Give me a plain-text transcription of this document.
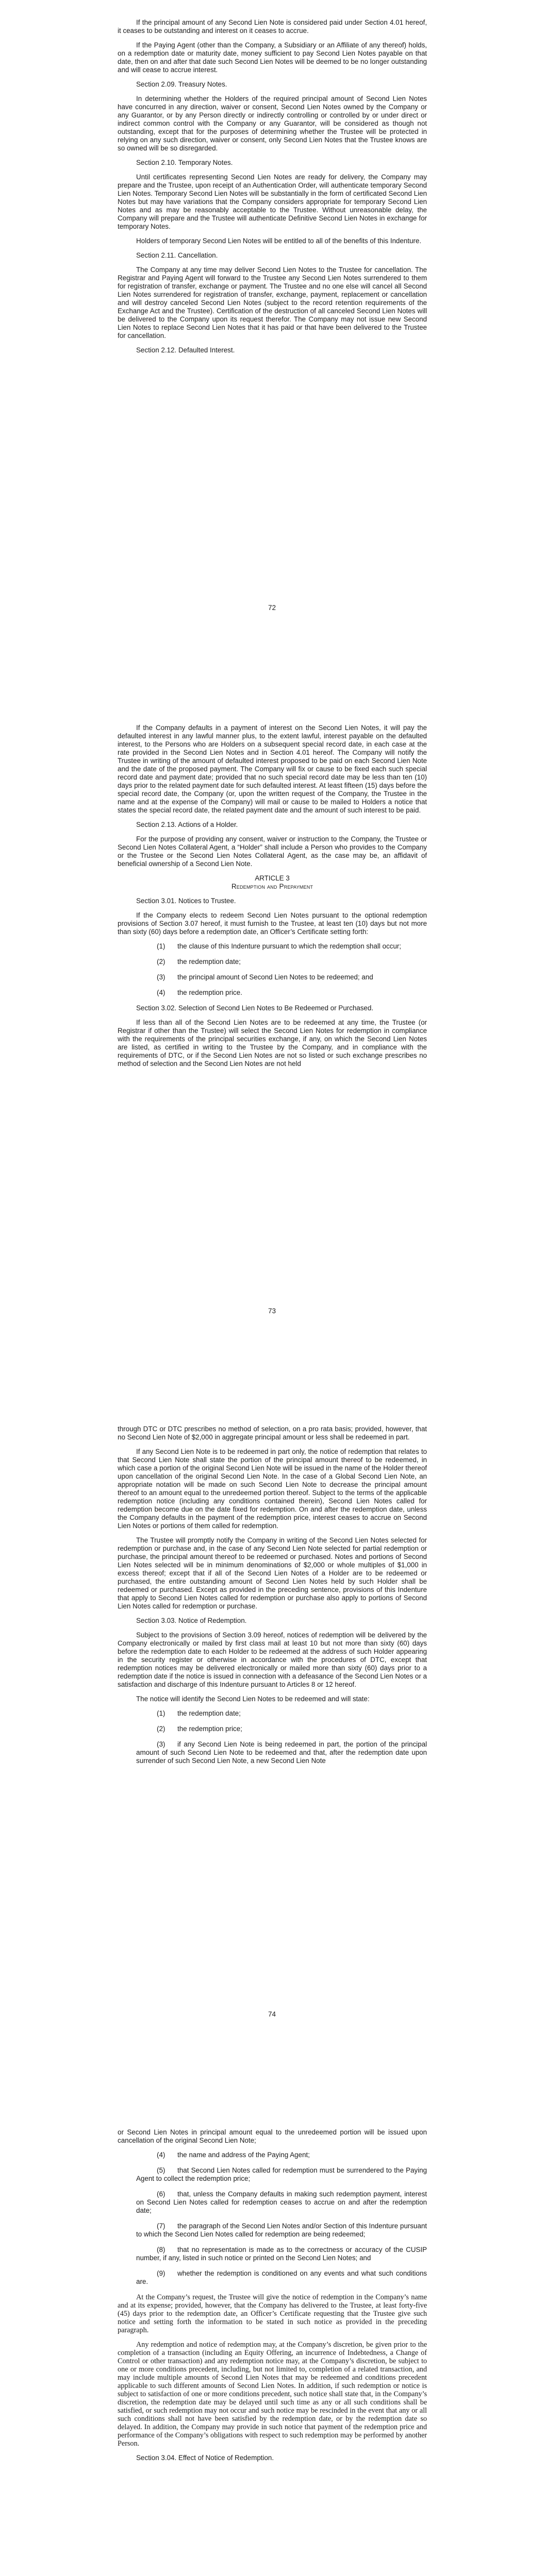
If the principal amount of any Second Lien Note is considered paid under Section 4.01 hereof, it ceases to be outstanding and interest on it ceases to accrue.

If the Paying Agent (other than the Company, a Subsidiary or an Affiliate of any thereof) holds, on a redemption date or maturity date, money sufficient to pay Second Lien Notes payable on that date, then on and after that date such Second Lien Notes will be deemed to be no longer outstanding and will cease to accrue interest.

Section 2.09. Treasury Notes.

In determining whether the Holders of the required principal amount of Second Lien Notes have concurred in any direction, waiver or consent, Second Lien Notes owned by the Company or any Guarantor, or by any Person directly or indirectly controlling or controlled by or under direct or indirect common control with the Company or any Guarantor, will be considered as though not outstanding, except that for the purposes of determining whether the Trustee will be protected in relying on any such direction, waiver or consent, only Second Lien Notes that the Trustee knows are so owned will be so disregarded.

Section 2.10. Temporary Notes.

Until certificates representing Second Lien Notes are ready for delivery, the Company may prepare and the Trustee, upon receipt of an Authentication Order, will authenticate temporary Second Lien Notes. Temporary Second Lien Notes will be substantially in the form of certificated Second Lien Notes but may have variations that the Company considers appropriate for temporary Second Lien Notes and as may be reasonably acceptable to the Trustee. Without unreasonable delay, the Company will prepare and the Trustee will authenticate Definitive Second Lien Notes in exchange for temporary Notes.

Holders of temporary Second Lien Notes will be entitled to all of the benefits of this Indenture.

Section 2.11. Cancellation.

The Company at any time may deliver Second Lien Notes to the Trustee for cancellation. The Registrar and Paying Agent will forward to the Trustee any Second Lien Notes surrendered to them for registration of transfer, exchange or payment. The Trustee and no one else will cancel all Second Lien Notes surrendered for registration of transfer, exchange, payment, replacement or cancellation and will destroy canceled Second Lien Notes (subject to the record retention requirements of the Exchange Act and the Trustee). Certification of the destruction of all canceled Second Lien Notes will be delivered to the Company upon its request therefor. The Company may not issue new Second Lien Notes to replace Second Lien Notes that it has paid or that have been delivered to the Trustee for cancellation.

Section 2.12. Defaulted Interest.

72

If the Company defaults in a payment of interest on the Second Lien Notes, it will pay the defaulted interest in any lawful manner plus, to the extent lawful, interest payable on the defaulted interest, to the Persons who are Holders on a subsequent special record date, in each case at the rate provided in the Second Lien Notes and in Section 4.01 hereof. The Company will notify the Trustee in writing of the amount of defaulted interest proposed to be paid on each Second Lien Note and the date of the proposed payment. The Company will fix or cause to be fixed each such special record date and payment date; provided that no such special record date may be less than ten (10) days prior to the related payment date for such defaulted interest. At least fifteen (15) days before the special record date, the Company (or, upon the written request of the Company, the Trustee in the name and at the expense of the Company) will mail or cause to be mailed to Holders a notice that states the special record date, the related payment date and the amount of such interest to be paid.

Section 2.13. Actions of a Holder.

For the purpose of providing any consent, waiver or instruction to the Company, the Trustee or Second Lien Notes Collateral Agent, a “Holder” shall include a Person who provides to the Company or the Trustee or the Second Lien Notes Collateral Agent, as the case may be, an affidavit of beneficial ownership of a Second Lien Note.

ARTICLE 3

Redemption and Prepayment

Section 3.01. Notices to Trustee.

If the Company elects to redeem Second Lien Notes pursuant to the optional redemption provisions of Section 3.07 hereof, it must furnish to the Trustee, at least ten (10) days but not more than sixty (60) days before a redemption date, an Officer’s Certificate setting forth:

(1) the clause of this Indenture pursuant to which the redemption shall occur;
(2) the redemption date;
(3) the principal amount of Second Lien Notes to be redeemed; and
(4) the redemption price.

Section 3.02. Selection of Second Lien Notes to Be Redeemed or Purchased.

If less than all of the Second Lien Notes are to be redeemed at any time, the Trustee (or Registrar if other than the Trustee) will select the Second Lien Notes for redemption in compliance with the requirements of the principal securities exchange, if any, on which the Second Lien Notes are listed, as certified in writing to the Trustee by the Company, and in compliance with the requirements of DTC, or if the Second Lien Notes are not so listed or such exchange prescribes no method of selection and the Second Lien Notes are not held

73

through DTC or DTC prescribes no method of selection, on a pro rata basis; provided, however, that no Second Lien Note of $2,000 in aggregate principal amount or less shall be redeemed in part.

If any Second Lien Note is to be redeemed in part only, the notice of redemption that relates to that Second Lien Note shall state the portion of the principal amount thereof to be redeemed, in which case a portion of the original Second Lien Note will be issued in the name of the Holder thereof upon cancellation of the original Second Lien Note. In the case of a Global Second Lien Note, an appropriate notation will be made on such Second Lien Note to decrease the principal amount thereof to an amount equal to the unredeemed portion thereof. Subject to the terms of the applicable redemption notice (including any conditions contained therein), Second Lien Notes called for redemption become due on the date fixed for redemption. On and after the redemption date, unless the Company defaults in the payment of the redemption price, interest ceases to accrue on Second Lien Notes or portions of them called for redemption.

The Trustee will promptly notify the Company in writing of the Second Lien Notes selected for redemption or purchase and, in the case of any Second Lien Note selected for partial redemption or purchase, the principal amount thereof to be redeemed or purchased. Notes and portions of Second Lien Notes selected will be in minimum denominations of $2,000 or whole multiples of $1,000 in excess thereof; except that if all of the Second Lien Notes of a Holder are to be redeemed or purchased, the entire outstanding amount of Second Lien Notes held by such Holder shall be redeemed or purchased. Except as provided in the preceding sentence, provisions of this Indenture that apply to Second Lien Notes called for redemption or purchase also apply to portions of Second Lien Notes called for redemption or purchase.

Section 3.03. Notice of Redemption.

Subject to the provisions of Section 3.09 hereof, notices of redemption will be delivered by the Company electronically or mailed by first class mail at least 10 but not more than sixty (60) days before the redemption date to each Holder to be redeemed at the address of such Holder appearing in the security register or otherwise in accordance with the procedures of DTC, except that redemption notices may be delivered electronically or mailed more than sixty (60) days prior to a redemption date if the notice is issued in connection with a defeasance of the Second Lien Notes or a satisfaction and discharge of this Indenture pursuant to Articles 8 or 12 hereof.

The notice will identify the Second Lien Notes to be redeemed and will state:

(1) the redemption date;
(2) the redemption price;
(3) if any Second Lien Note is being redeemed in part, the portion of the principal amount of such Second Lien Note to be redeemed and that, after the redemption date upon surrender of such Second Lien Note, a new Second Lien Note
74

or Second Lien Notes in principal amount equal to the unredeemed portion will be issued upon cancellation of the original Second Lien Note;

(4) the name and address of the Paying Agent;
(5) that Second Lien Notes called for redemption must be surrendered to the Paying Agent to collect the redemption price;
(6) that, unless the Company defaults in making such redemption payment, interest on Second Lien Notes called for redemption ceases to accrue on and after the redemption date;
(7) the paragraph of the Second Lien Notes and/or Section of this Indenture pursuant to which the Second Lien Notes called for redemption are being redeemed;
(8) that no representation is made as to the correctness or accuracy of the CUSIP number, if any, listed in such notice or printed on the Second Lien Notes; and
(9) whether the redemption is conditioned on any events and what such conditions are.

At the Company’s request, the Trustee will give the notice of redemption in the Company’s name and at its expense; provided, however, that the Company has delivered to the Trustee, at least forty-five (45) days prior to the redemption date, an Officer’s Certificate requesting that the Trustee give such notice and setting forth the information to be stated in such notice as provided in the preceding paragraph.

Any redemption and notice of redemption may, at the Company’s discretion, be given prior to the completion of a transaction (including an Equity Offering, an incurrence of Indebtedness, a Change of Control or other transaction) and any redemption notice may, at the Company’s discretion, be subject to one or more conditions precedent, including, but not limited to, completion of a related transaction, and may include multiple amounts of Second Lien Notes that may be redeemed and conditions precedent applicable to such different amounts of Second Lien Notes. In addition, if such redemption or notice is subject to satisfaction of one or more conditions precedent, such notice shall state that, in the Company’s discretion, the redemption date may be delayed until such time as any or all such conditions shall be satisfied, or such redemption may not occur and such notice may be rescinded in the event that any or all such conditions shall not have been satisfied by the redemption date, or by the redemption date so delayed. In addition, the Company may provide in such notice that payment of the redemption price and performance of the Company’s obligations with respect to such redemption may be performed by another Person.

Section 3.04. Effect of Notice of Redemption.
